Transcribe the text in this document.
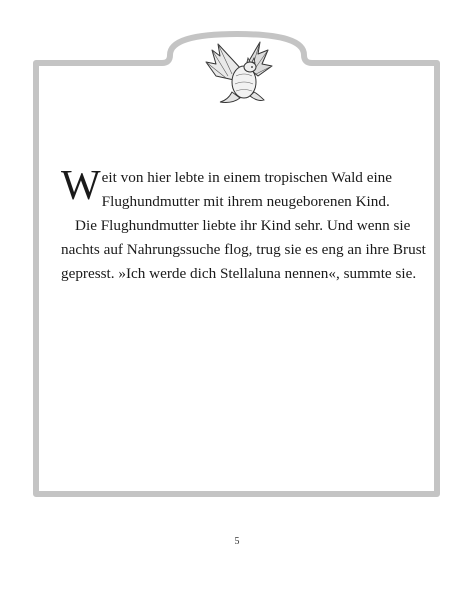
Weit von hier lebte in einem tropischen Wald eine Flughundmutter mit ihrem neugeborenen Kind.

Die Flughundmutter liebte ihr Kind sehr. Und wenn sie nachts auf Nahrungssuche flog, trug sie es eng an ihre Brust gepresst. »Ich werde dich Stellaluna nennen«, summte sie.

5
